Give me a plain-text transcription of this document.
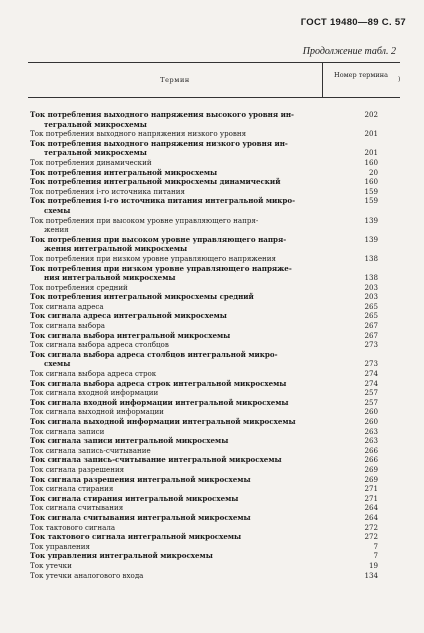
ГОСТ 19480—89 С. 57
Продолжение табл. 2
Термин
Номер термина
Ток потребления выходного напряжения высокого уровня ин-	202
тегральной микросхемы
Ток потребления выходного напряжения низкого уровня	201
Ток потребления выходного напряжения низкого уровня ин-
тегральной микросхемы	201
Ток потребления динамический	160
Ток потребления интегральной микросхемы	20
Ток потребления интегральной микросхемы динамический	160
Ток потребления i-го источника питания	159
Ток потребления i-го источника питания интегральной микро-	159
схемы
Ток потребления при высоком уровне управляющего напря-	139
жения
Ток потребления при высоком уровне управляющего напря-	139
жения интегральной микросхемы
Ток потребления при низком уровне управляющего напряжения	138
Ток потребления при низком уровне управляющего напряже-
ния интегральной микросхемы	138
Ток потребления средний	203
Ток потребления интегральной микросхемы средний	203
Ток сигнала адреса	265
Ток сигнала адреса интегральной микросхемы	265
Ток сигнала выбора	267
Ток сигнала выбора интегральной микросхемы	267
Ток сигнала выбора адреса столбцов	273
Ток сигнала выбора адреса столбцов интегральной микро-
схемы	273
Ток сигнала выбора адреса строк	274
Ток сигнала выбора адреса строк интегральной микросхемы	274
Ток сигнала входной информации	257
Ток сигнала входной информации интегральной микросхемы	257
Ток сигнала выходной информации	260
Ток сигнала выходной информации интегральной микросхемы	260
Ток сигнала записи	263
Ток сигнала записи интегральной микросхемы	263
Ток сигнала запись-считывание	266
Ток сигнала запись-считывание интегральной микросхемы	266
Ток сигнала разрешения	269
Ток сигнала разрешения интегральной микросхемы	269
Ток сигнала стирания	271
Ток сигнала стирания интегральной микросхемы	271
Ток сигнала считывания	264
Ток сигнала считывания интегральной микросхемы	264
Ток тактового сигнала	272
Ток тактового сигнала интегральной микросхемы	272
Ток управления	7
Ток управления интегральной микросхемы	7
Ток утечки	19
Ток утечки аналогового входа	134
)
